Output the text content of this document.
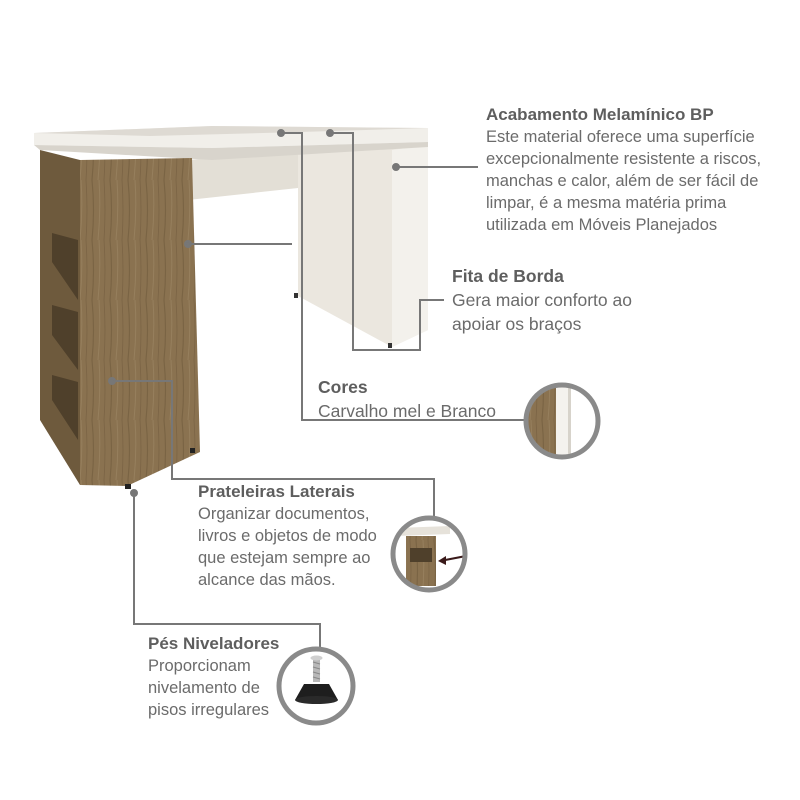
Acabamento Melamínico BP
Este material oferece uma superfície
excepcionalmente resistente a riscos,
manchas e calor, além de ser fácil de
limpar, é a mesma matéria prima
utilizada em Móveis Planejados
Fita de Borda
Gera maior conforto ao
apoiar os braços
Cores
Carvalho mel e Branco
Prateleiras Laterais
Organizar documentos,
livros e objetos de modo
que estejam sempre ao
alcance das mãos.
Pés Niveladores
Proporcionam
nivelamento de
pisos irregulares
